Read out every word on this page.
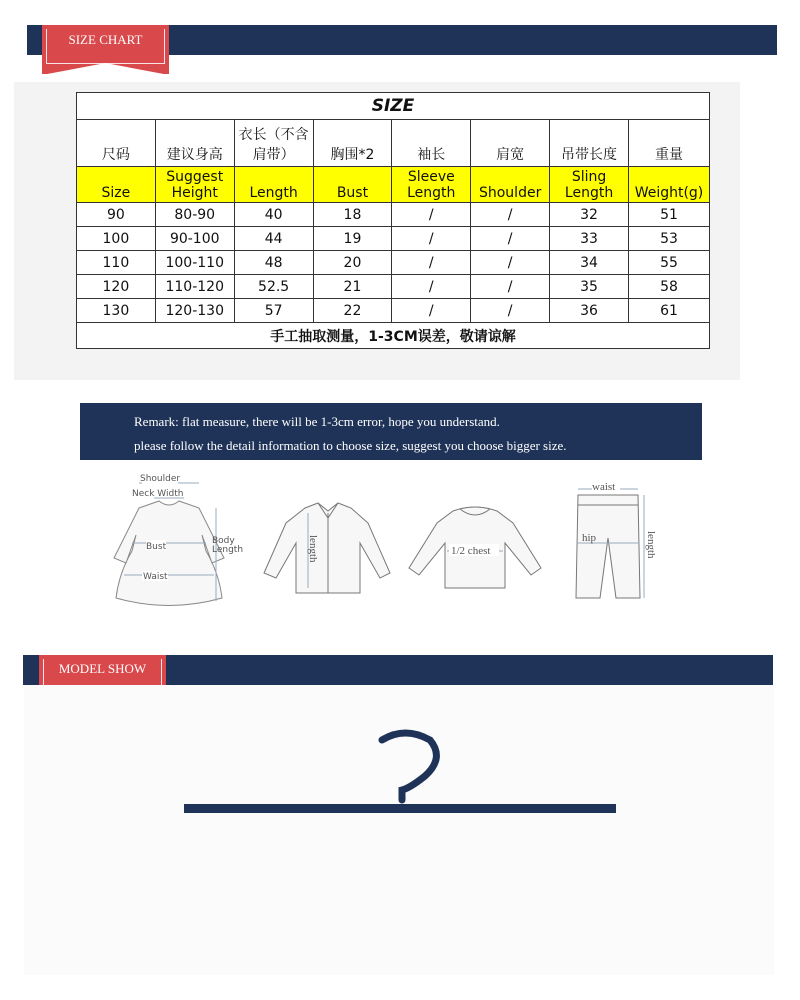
SIZE CHART
SIZE							
尺码	建议身高	衣长（不含肩带）	胸围*2	袖长	肩宽	吊带长度	重量
Size	Suggest Height	Length	Bust	Sleeve Length	Shoulder	Sling Length	Weight(g)
90	80-90	40	18	/	/	32	51
100	90-100	44	19	/	/	33	53
110	100-110	48	20	/	/	34	55
120	110-120	52.5	21	/	/	35	58
130	120-130	57	22	/	/	36	61
手工抽取测量，1-3CM误差，敬请谅解							
Remark: flat measure, there will be 1-3cm error, hope you understand.
please follow the detail information to choose size, suggest you choose bigger size.
Shoulder
Neck Width
Bust
Body
Length
Waist
length	1/2 chest
waist
hip	length
MODEL SHOW
